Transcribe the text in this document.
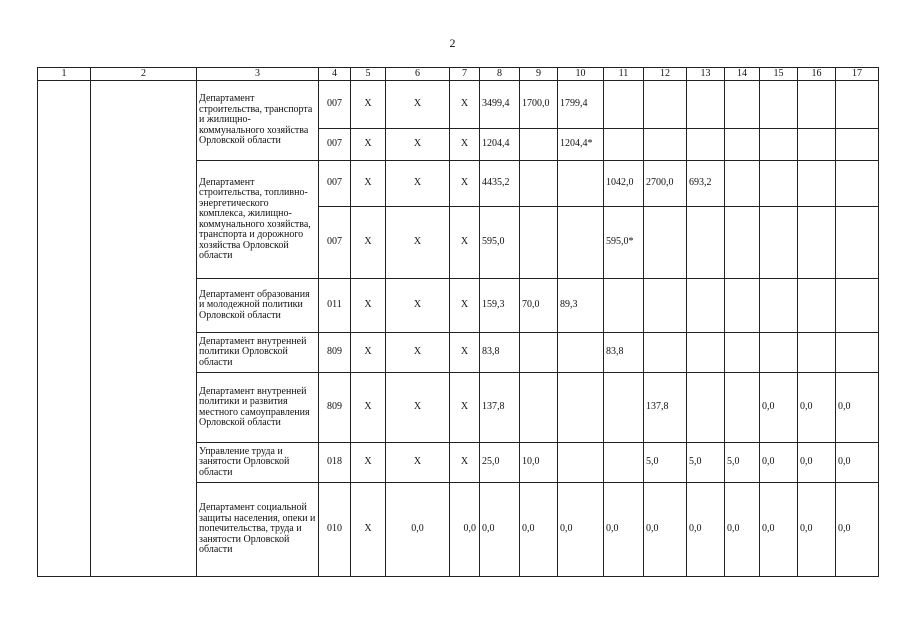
2
1	2	3	4	5	6	7	8	9	10	11	12	13	14	15	16	17
		Департамент строительства, транспорта и жилищно-коммунального хозяйства Орловской области	007	X	X	X	3499,4	1700,0	1799,4							
			007	X	X	X	1204,4		1204,4*							
		Департамент строительства, топливно-энергетического комплекса, жилищно-коммунального хозяйства, транспорта и дорожного хозяйства Орловской области	007	X	X	X	4435,2			1042,0	2700,0	693,2				
			007	X	X	X	595,0			595,0*						
		Департамент образования и молодежной политики Орловской области	011	X	X	X	159,3	70,0	89,3							
		Департамент внутренней политики Орловской области	809	X	X	X	83,8			83,8						
		Департамент внутренней политики и развития местного самоуправления Орловской области	809	X	X	X	137,8				137,8			0,0	0,0	0,0
		Управление труда и занятости Орловской области	018	X	X	X	25,0	10,0			5,0	5,0	5,0	0,0	0,0	0,0
		Департамент социальной защиты населения, опеки и попечительства, труда и занятости Орловской области	010	X	0,0	0,0	0,0	0,0	0,0	0,0	0,0	0,0	0,0	0,0	0,0	0,0
